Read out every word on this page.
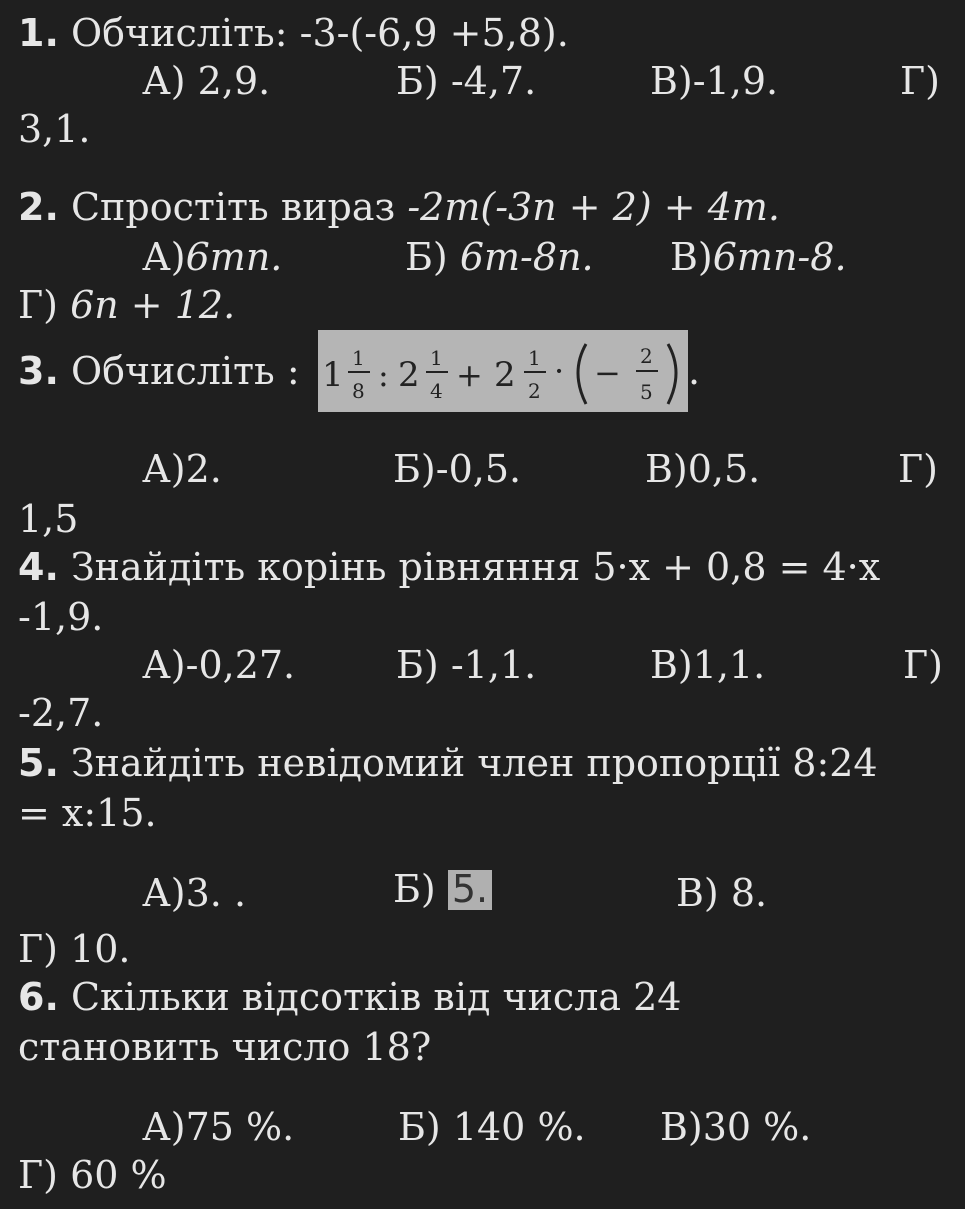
1. Обчисліть: -3-(-6,9 +5,8).
А) 2,9.	Б) -4,7.	В)-1,9.	Г)
3,1.
2. Спростіть вираз -2m(-3n + 2) + 4m.
А)6mn.	Б) 6m-8n. В)6mn-8.
Г) 6n + 12.
3. Обчисліть : 1 1
8 : 2 1
4 + 2 1
2
· − 2
5 .
А)2.	Б)-0,5.	В)0,5.	Г)
1,5
4. Знайдіть корінь рівняння 5·x + 0,8 = 4·x
-1,9.
А)-0,27.	Б) -1,1.	В)1,1.	Г)
-2,7.
5. Знайдіть невідомий член пропорції 8:24
= x:15.
А)3. .	Б) 5.	В) 8.
Г) 10.
6. Скільки відсотків від числа 24
становить число 18?
А)75 %.	Б) 140 %. В)30 %.
Г) 60 %
